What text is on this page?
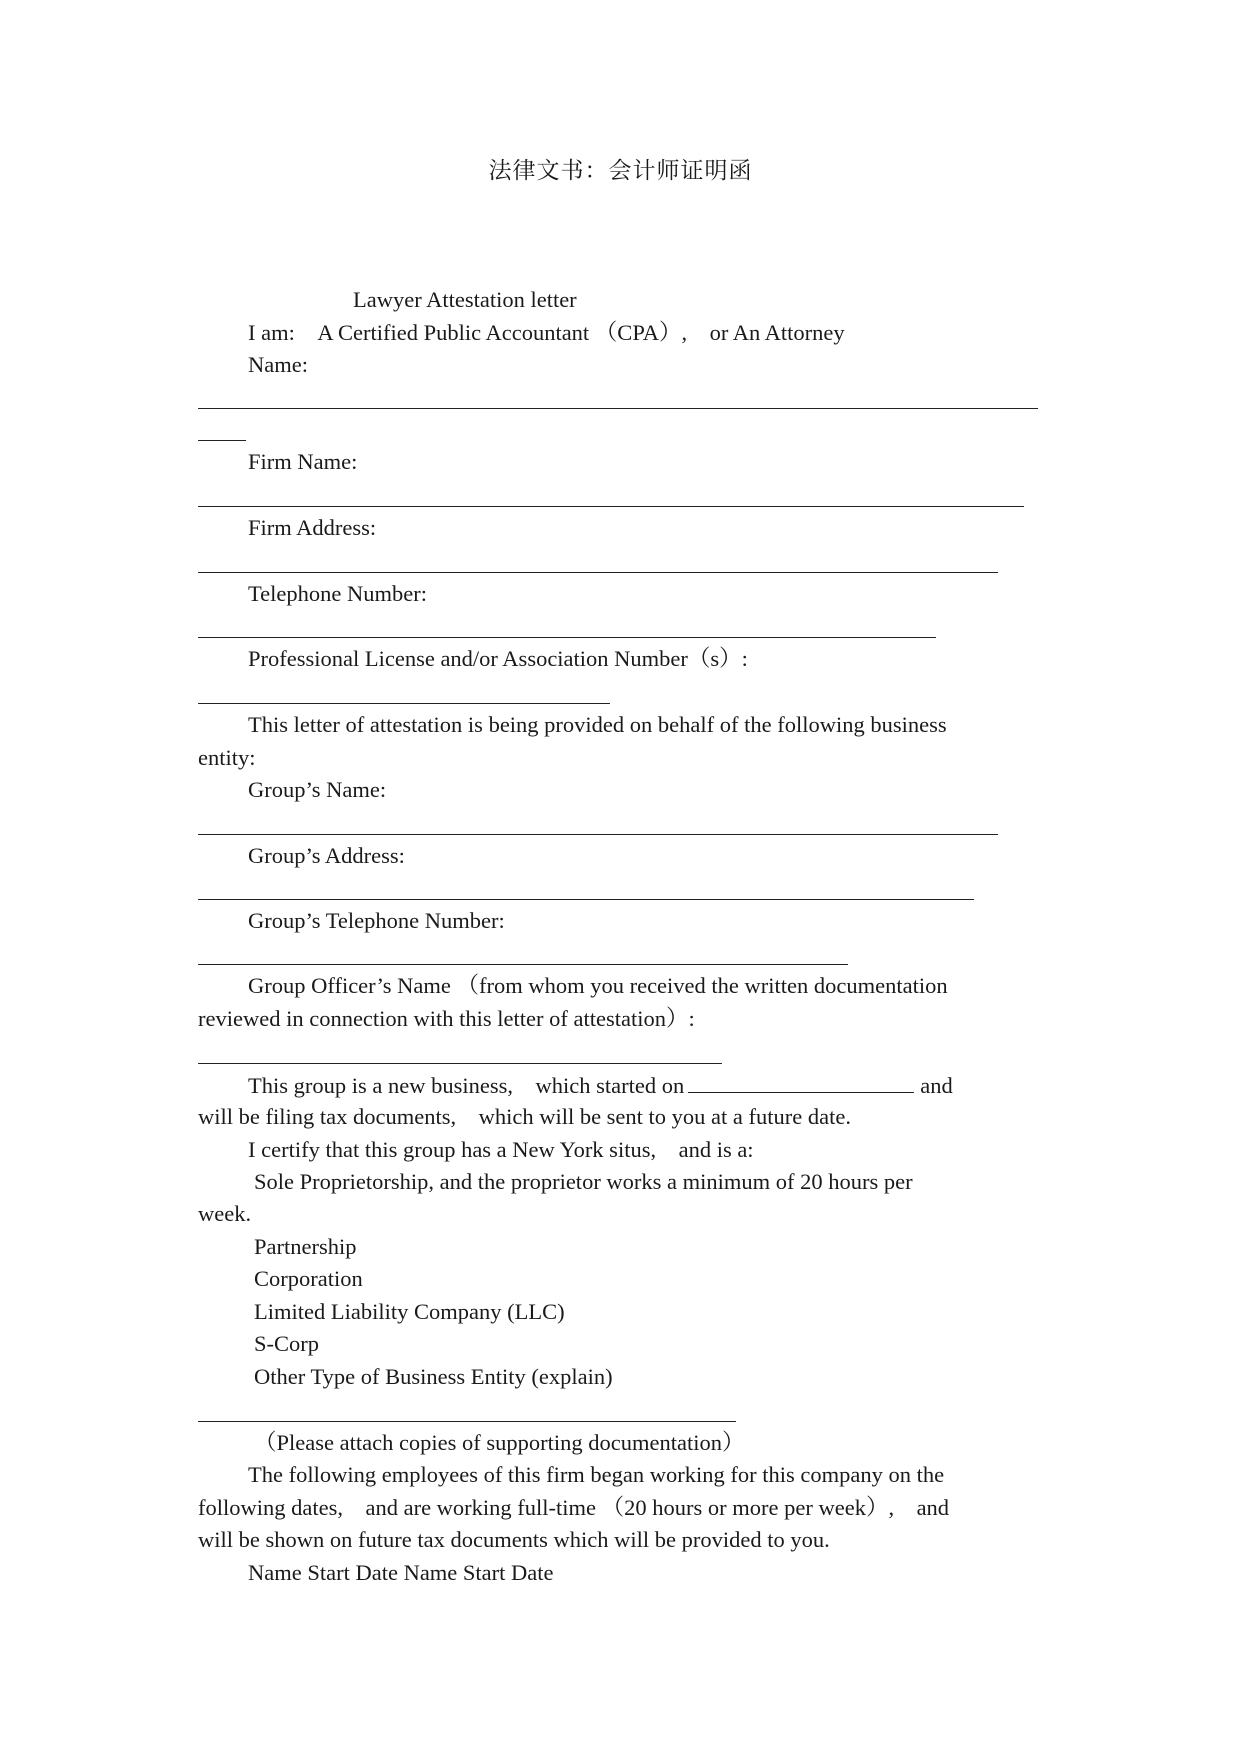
法律文书：会计师证明函
Lawyer Attestation letter
I am:　A Certified Public Accountant （CPA）,　or An Attorney
Name:
Firm Name:
Firm Address:
Telephone Number:
Professional License and/or Association Number（s）:
This letter of attestation is being provided on behalf of the following business
entity:
Group’s Name:
Group’s Address:
Group’s Telephone Number:
Group Officer’s Name （from whom you received the written documentation
reviewed in connection with this letter of attestation）:
This group is a new business,　which started on	and
will be filing tax documents,　which will be sent to you at a future date.
I certify that this group has a New York situs,　and is a:
Sole Proprietorship, and the proprietor works a minimum of 20 hours per
week.
Partnership
Corporation
Limited Liability Company (LLC)
S-Corp
Other Type of Business Entity (explain)
（Please attach copies of supporting documentation）
The following employees of this firm began working for this company on the
following dates,　and are working full-time （20 hours or more per week）,　and
will be shown on future tax documents which will be provided to you.
Name Start Date Name Start Date
